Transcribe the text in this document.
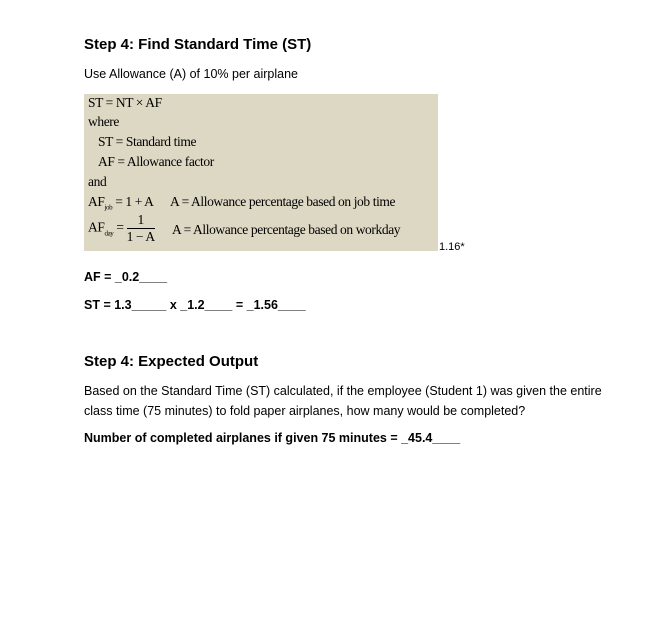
Step 4: Find Standard Time (ST)
Use Allowance (A) of 10% per airplane
ST = NT × AF
where
ST = Standard time
AF = Allowance factor
and
$AF_{job} = 1 + A$ A = Allowance percentage based on job time
$AF_{day} = \frac{1}{1 - A}$ A = Allowance percentage based on workday
1.16*
AF = _0.2____
ST = 1.3_____ x _1.2____ = _1.56____
Step 4: Expected Output
Based on the Standard Time (ST) calculated, if the employee (Student 1) was given the entire
class time (75 minutes) to fold paper airplanes, how many would be completed?
Number of completed airplanes if given 75 minutes = _45.4____
